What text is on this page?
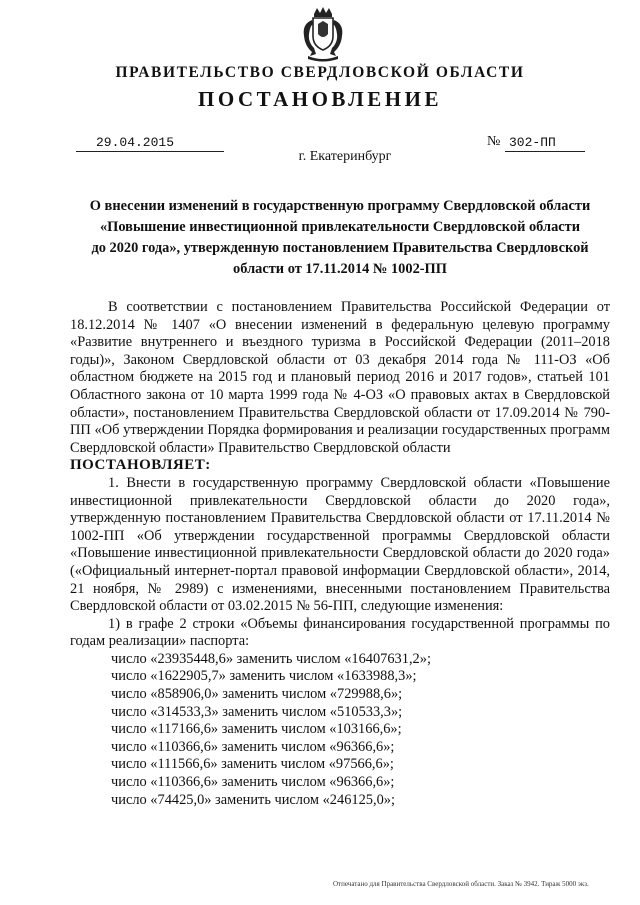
ПРАВИТЕЛЬСТВО СВЕРДЛОВСКОЙ ОБЛАСТИ
ПОСТАНОВЛЕНИЕ
29.04.2015	№ 302-ПП
г. Екатеринбург
О внесении изменений в государственную программу Свердловской области
«Повышение инвестиционной привлекательности Свердловской области
до 2020 года», утвержденную постановлением Правительства Свердловской
области от 17.11.2014 № 1002-ПП

В соответствии с постановлением Правительства Российской Федерации от 18.12.2014 № 1407 «О внесении изменений в федеральную целевую программу «Развитие внутреннего и въездного туризма в Российской Федерации (2011–2018 годы)», Законом Свердловской области от 03 декабря 2014 года № 111-ОЗ «Об областном бюджете на 2015 год и плановый период 2016 и 2017 годов», статьей 101 Областного закона от 10 марта 1999 года № 4-ОЗ «О правовых актах в Свердловской области», постановлением Правительства Свердловской области от 17.09.2014 № 790-ПП «Об утверждении Порядка формирования и реализации государственных программ Свердловской области» Правительство Свердловской области

ПОСТАНОВЛЯЕТ:

1. Внести в государственную программу Свердловской области «Повышение инвестиционной привлекательности Свердловской области до 2020 года», утвержденную постановлением Правительства Свердловской области от 17.11.2014 № 1002-ПП «Об утверждении государственной программы Свердловской области «Повышение инвестиционной привлекательности Свердловской области до 2020 года» («Официальный интернет-портал правовой информации Свердловской области», 2014, 21 ноября, № 2989) с изменениями, внесенными постановлением Правительства Свердловской области от 03.02.2015 № 56-ПП, следующие изменения:

1) в графе 2 строки «Объемы финансирования государственной программы по годам реализации» паспорта:

число «23935448,6» заменить числом «16407631,2»;
число «1622905,7» заменить числом «1633988,3»;
число «858906,0» заменить числом «729988,6»;
число «314533,3» заменить числом «510533,3»;
число «117166,6» заменить числом «103166,6»;
число «110366,6» заменить числом «96366,6»;
число «111566,6» заменить числом «97566,6»;
число «110366,6» заменить числом «96366,6»;
число «74425,0» заменить числом «246125,0»;
Отпечатано для Правительства Свердловской области. Заказ № 3942. Тираж 5000 экз.
